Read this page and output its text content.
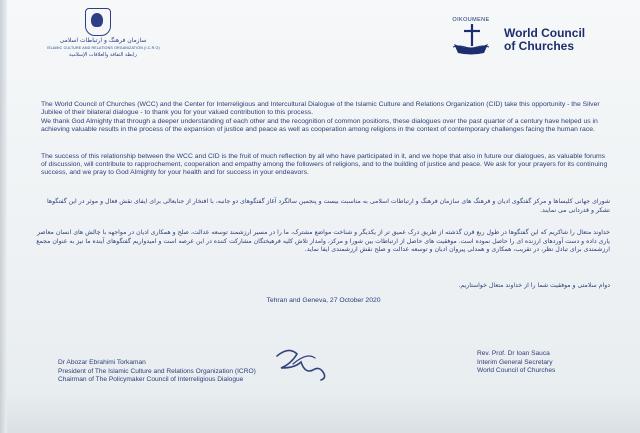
سازمان فرهنگ و ارتباطات اسلامی
ISLAMIC CULTURE AND RELATIONS ORGANIZATION (I.C.R.O)
رابطة الثقافة والعلاقات الإسلامية
OIKOUMENE
World Council
of Churches

The World Council of Churches (WCC) and the Center for Interreligious and Intercultural Dialogue of the Islamic Culture and Relations Organization (CID) take this opportunity - the Silver Jubilee of their bilateral dialogue - to thank you for your valued contribution to this process.

We thank God Almighty that through a deeper understanding of each other and the recognition of common positions, these dialogues over the past quarter of a century have helped us in achieving valuable results in the process of the expansion of justice and peace as well as cooperation among religions in the context of contemporary challenges facing the human race.

The success of this relationship between the WCC and CID is the fruit of much reflection by all who have participated in it, and we hope that also in future our dialogues, as valuable forums of discussion, will contribute to rapprochement, cooperation and empathy among the followers of religions, and to the building of justice and peace. We ask for your prayers for its continuing success, and we pray to God Almighty for your health and for success in your endeavors.

شورای جهانی کلیساها و مرکز گفتگوی ادیان و فرهنگ های سازمان فرهنگ و ارتباطات اسلامی به مناسبت بیست و پنجمین سالگرد آغاز گفتگوهای دو جانبه، با افتخار از جنابعالی برای ایفای نقش فعال و موثر در این گفتگوها تشکر و قدردانی می نمایند.

خداوند متعال را شاکریم که این گفتگوها در طول ربع قرن گذشته از طریق درک عمیق تر از یکدیگر و شناخت مواضع مشترک، ما را در مسیر ارزشمند توسعه عدالت، صلح و همکاری ادیان در مواجهه با چالش های انسان معاصر یاری داده و دست آوردهای ارزنده ای را حاصل نموده است. موفقیت های حاصل از ارتباطات بین شورا و مرکز، وامدار تلاش کلیه فرهیختگان مشارکت کننده در این عرصه است و امیدواریم گفتگوهای آینده ما نیز به عنوان مجمع ارزشمندی برای تبادل نظر، در تقریب، همکاری و همدلی پیروان ادیان و توسعه عدالت و صلح نقش ارزشمندی ایفا نماید.

دوام سلامتی و موفقیت شما را از خداوند متعال خواستاریم.

Tehran and Geneva, 27 October 2020
Dr Abozar Ebrahimi Torkaman
President of The Islamic Culture and Relations Organization (ICRO)
Chairman of The Policymaker Council of Interreligious Dialogue
Rev. Prof. Dr Ioan Sauca
Interim General Secretary
World Council of Churches
